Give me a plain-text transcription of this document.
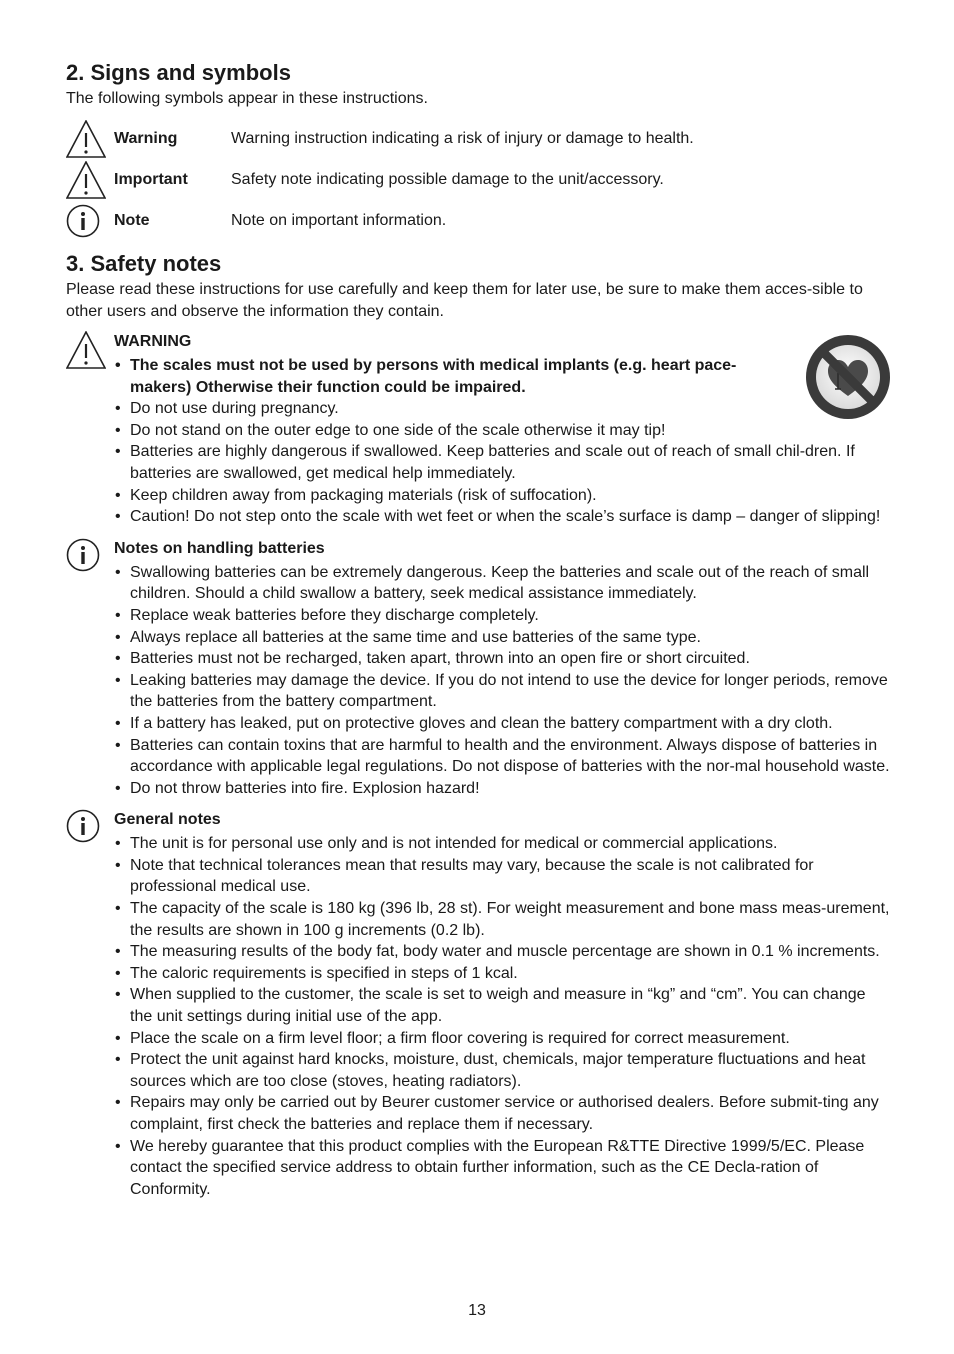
2. Signs and symbols

The following symbols appear in these instructions.

Warning	Warning instruction indicating a risk of injury or damage to health.
Important	Safety note indicating possible damage to the unit/accessory.
Note	Note on important information.
3. Safety notes

Please read these instructions for use carefully and keep them for later use, be sure to make them acces-sible to other users and observe the information they contain.

WARNING
• The scales must not be used by persons with medical implants (e.g. heart pace-makers) Otherwise their function could be impaired.
• Do not use during pregnancy.
• Do not stand on the outer edge to one side of the scale otherwise it may tip!
• Batteries are highly dangerous if swallowed. Keep batteries and scale out of reach of small chil-dren. If batteries are swallowed, get medical help immediately.
• Keep children away from packaging materials (risk of suffocation).
• Caution! Do not step onto the scale with wet feet or when the scale’s surface is damp – danger of slipping!
Notes on handling batteries
• Swallowing batteries can be extremely dangerous. Keep the batteries and scale out of the reach of small children. Should a child swallow a battery, seek medical assistance immediately.
• Replace weak batteries before they discharge completely.
• Always replace all batteries at the same time and use batteries of the same type.
• Batteries must not be recharged, taken apart, thrown into an open fire or short circuited.
• Leaking batteries may damage the device. If you do not intend to use the device for longer periods, remove the batteries from the battery compartment.
• If a battery has leaked, put on protective gloves and clean the battery compartment with a dry cloth.
• Batteries can contain toxins that are harmful to health and the environment. Always dispose of batteries in accordance with applicable legal regulations. Do not dispose of batteries with the nor-mal household waste.
• Do not throw batteries into fire. Explosion hazard!
General notes
• The unit is for personal use only and is not intended for medical or commercial applications.
• Note that technical tolerances mean that results may vary, because the scale is not calibrated for professional medical use.
• The capacity of the scale is 180 kg (396 lb, 28 st). For weight measurement and bone mass meas-urement, the results are shown in 100 g increments (0.2 lb).
• The measuring results of the body fat, body water and muscle percentage are shown in 0.1 % increments.
• The caloric requirements is specified in steps of 1 kcal.
• When supplied to the customer, the scale is set to weigh and measure in “kg” and “cm”. You can change the unit settings during initial use of the app.
• Place the scale on a firm level floor; a firm floor covering is required for correct measurement.
• Protect the unit against hard knocks, moisture, dust, chemicals, major temperature fluctuations and heat sources which are too close (stoves, heating radiators).
• Repairs may only be carried out by Beurer customer service or authorised dealers. Before submit-ting any complaint, first check the batteries and replace them if necessary.
• We hereby guarantee that this product complies with the European R&TTE Directive 1999/5/EC. Please contact the specified service address to obtain further information, such as the CE Decla-ration of Conformity.
13
